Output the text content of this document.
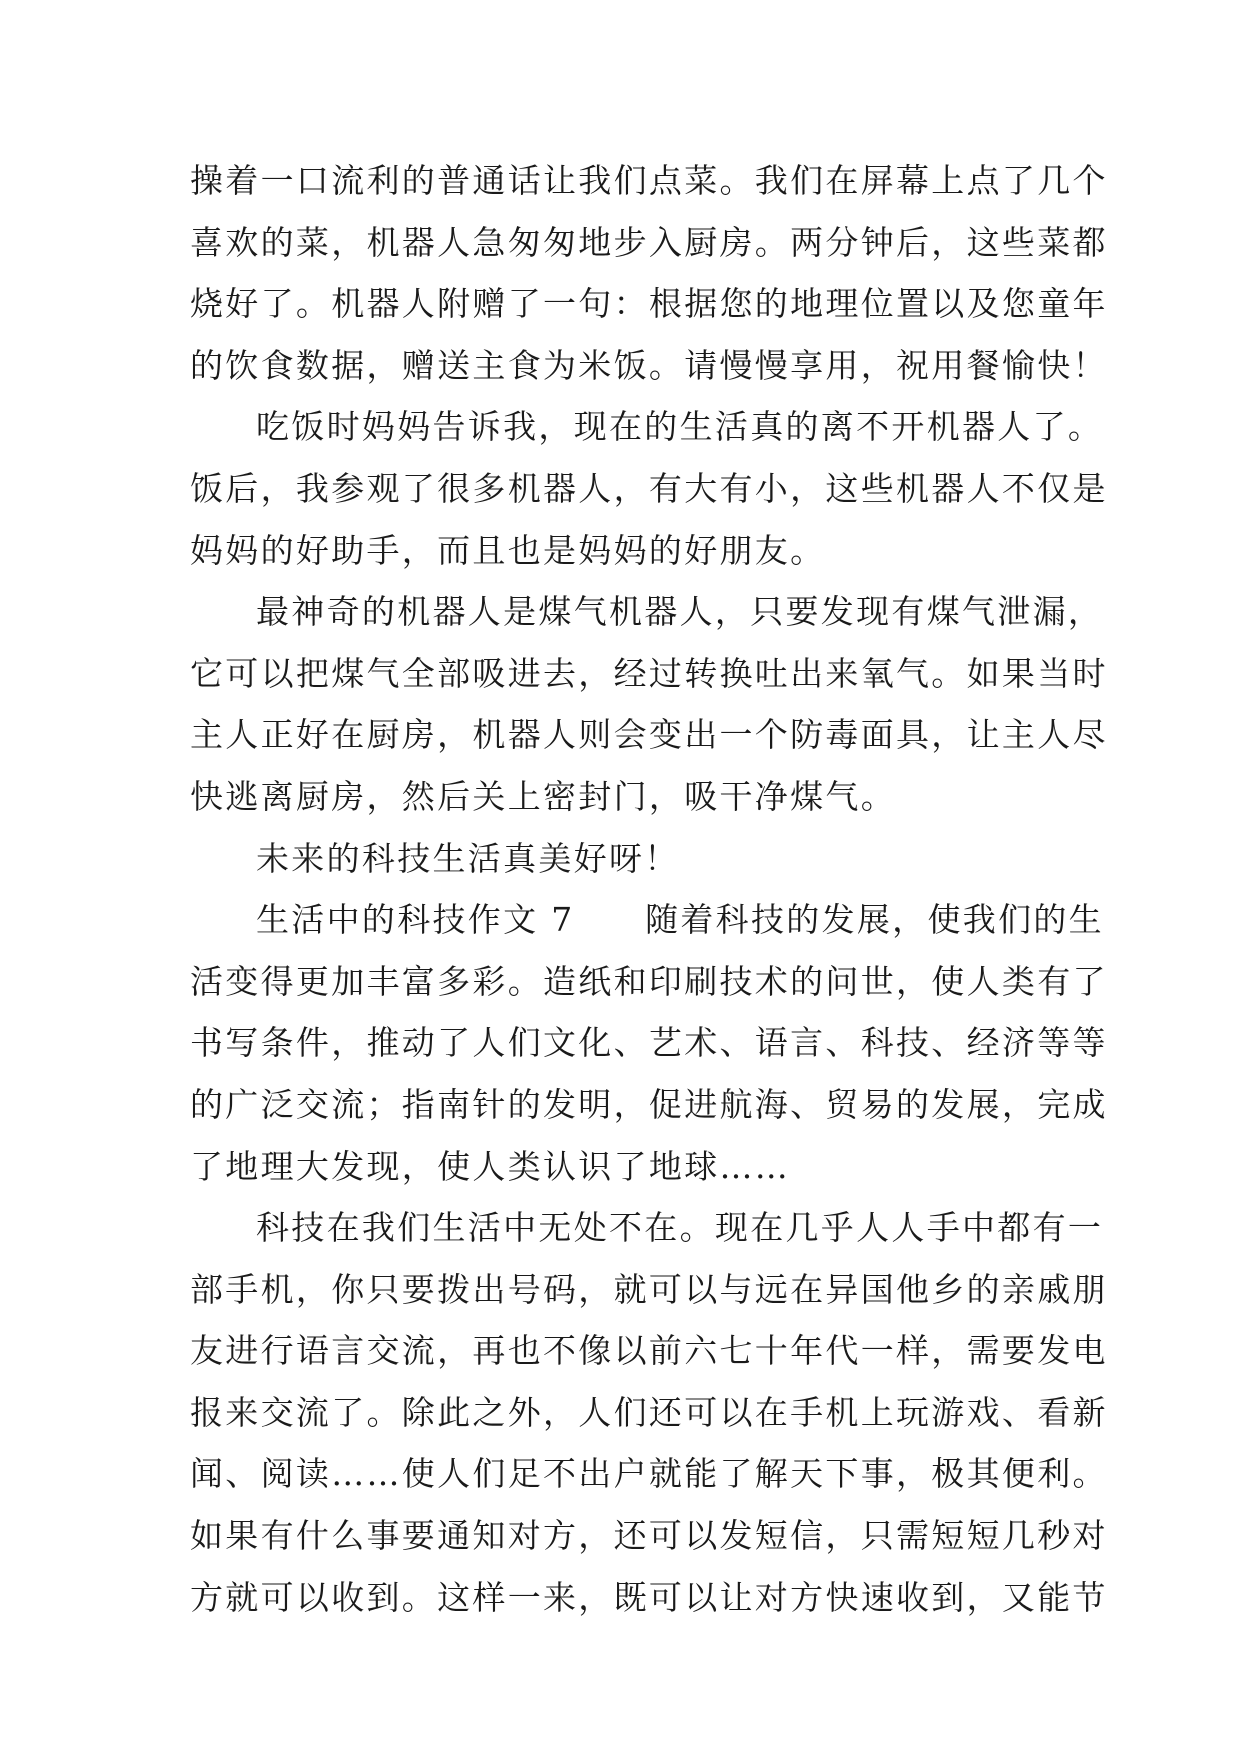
操着一口流利的普通话让我们点菜。我们在屏幕上点了几个
喜欢的菜，机器人急匆匆地步入厨房。两分钟后，这些菜都
烧好了。机器人附赠了一句：根据您的地理位置以及您童年
的饮食数据，赠送主食为米饭。请慢慢享用，祝用餐愉快！
吃饭时妈妈告诉我，现在的生活真的离不开机器人了。
饭后，我参观了很多机器人，有大有小，这些机器人不仅是
妈妈的好助手，而且也是妈妈的好朋友。
最神奇的机器人是煤气机器人，只要发现有煤气泄漏，
它可以把煤气全部吸进去，经过转换吐出来氧气。如果当时
主人正好在厨房，机器人则会变出一个防毒面具，让主人尽
快逃离厨房，然后关上密封门，吸干净煤气。
未来的科技生活真美好呀！
生活中的科技作文 7　　随着科技的发展，使我们的生
活变得更加丰富多彩。造纸和印刷技术的问世，使人类有了
书写条件，推动了人们文化、艺术、语言、科技、经济等等
的广泛交流；指南针的发明，促进航海、贸易的发展，完成
了地理大发现，使人类认识了地球……
科技在我们生活中无处不在。现在几乎人人手中都有一
部手机，你只要拨出号码，就可以与远在异国他乡的亲戚朋
友进行语言交流，再也不像以前六七十年代一样，需要发电
报来交流了。除此之外，人们还可以在手机上玩游戏、看新
闻、阅读……使人们足不出户就能了解天下事，极其便利。
如果有什么事要通知对方，还可以发短信，只需短短几秒对
方就可以收到。这样一来，既可以让对方快速收到，又能节
